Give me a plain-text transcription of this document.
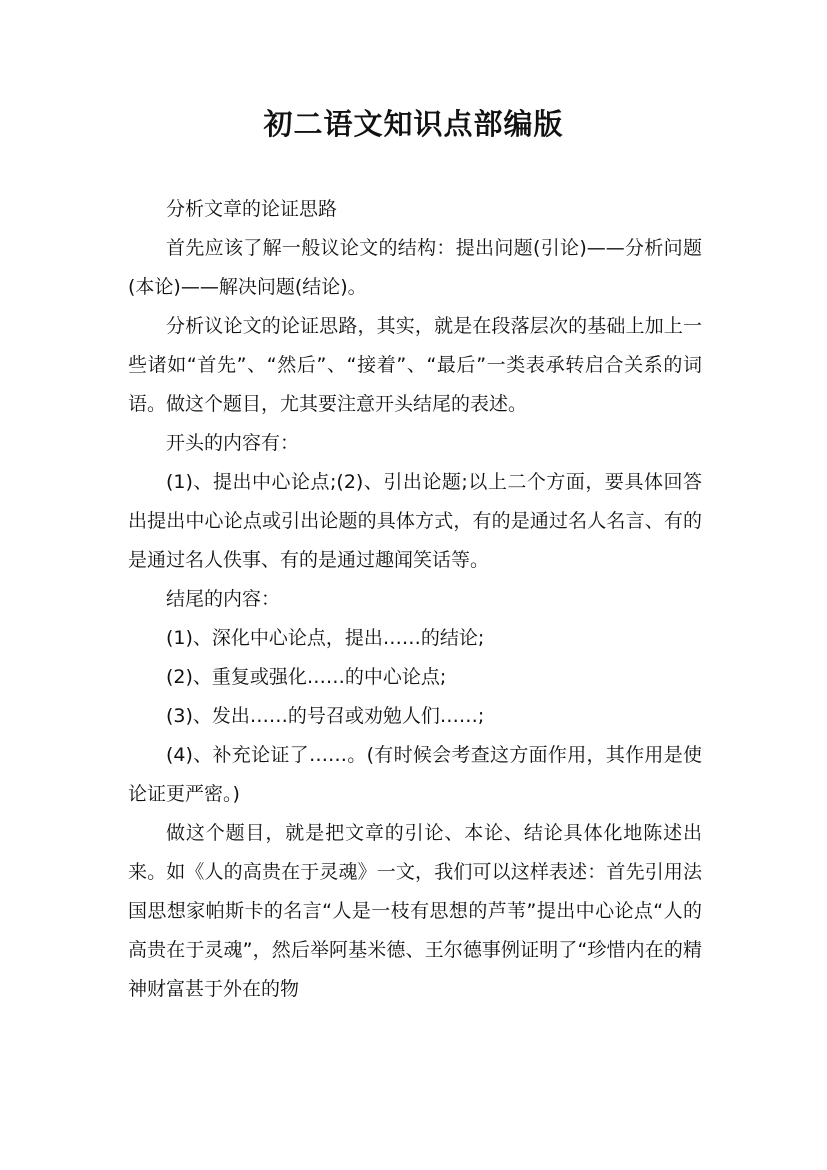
初二语文知识点部编版

分析文章的论证思路

首先应该了解一般议论文的结构：提出问题(引论)——分析问题(本论)——解决问题(结论)。

分析议论文的论证思路，其实，就是在段落层次的基础上加上一些诸如“首先”、“然后”、“接着”、“最后”一类表承转启合关系的词语。做这个题目，尤其要注意开头结尾的表述。

开头的内容有：

(1)、提出中心论点;(2)、引出论题;以上二个方面，要具体回答出提出中心论点或引出论题的具体方式，有的是通过名人名言、有的是通过名人佚事、有的是通过趣闻笑话等。

结尾的内容：

(1)、深化中心论点，提出……的结论;

(2)、重复或强化……的中心论点;

(3)、发出……的号召或劝勉人们……;

(4)、补充论证了……。(有时候会考查这方面作用，其作用是使论证更严密。)

做这个题目，就是把文章的引论、本论、结论具体化地陈述出来。如《人的高贵在于灵魂》一文，我们可以这样表述：首先引用法国思想家帕斯卡的名言“人是一枝有思想的芦苇”提出中心论点“人的高贵在于灵魂”，然后举阿基米德、王尔德事例证明了“珍惜内在的精神财富甚于外在的物
